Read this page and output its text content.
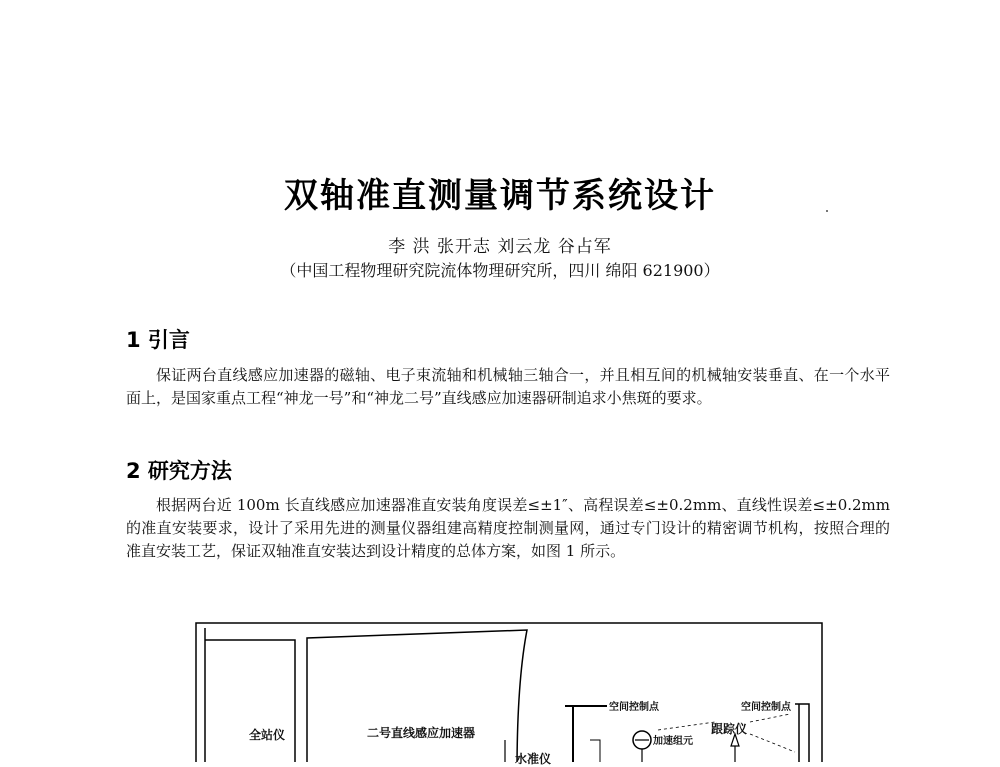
双轴准直测量调节系统设计
李 洪 张开志 刘云龙 谷占军
（中国工程物理研究院流体物理研究所，四川 绵阳 621900）
1 引言

保证两台直线感应加速器的磁轴、电子束流轴和机械轴三轴合一，并且相互间的机械轴安装垂直、在一个水平面上，是国家重点工程“神龙一号”和“神龙二号”直线感应加速器研制追求小焦斑的要求。

2 研究方法

根据两台近 100m 长直线感应加速器准直安装角度误差≤±1″、高程误差≤±0.2mm、直线性误差≤±0.2mm 的准直安装要求，设计了采用先进的测量仪器组建高精度控制测量网，通过专门设计的精密调节机构，按照合理的准直安装工艺，保证双轴准直安装达到设计精度的总体方案，如图 1 所示。

全站仪	二号直线感应加速器
水准仪
空间控制点	空间控制点
加速组元
跟踪仪
